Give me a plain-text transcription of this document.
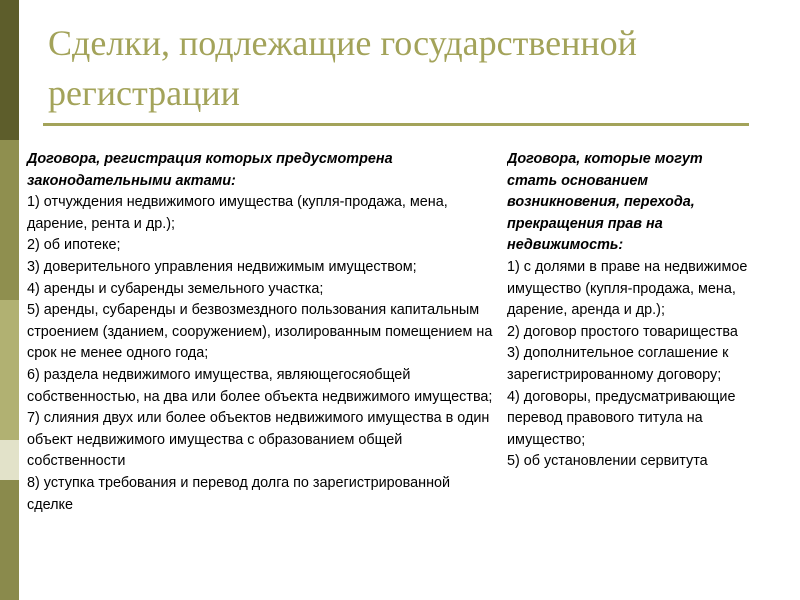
Сделки, подлежащие государственной регистрации
Договора, регистрация которых предусмотрена законодательными актами:
1) отчуждения недвижимого имущества (купля-продажа, мена, дарение, рента и др.);
2) об ипотеке;
3) доверительного управления недвижимым имуществом;
4) аренды и субаренды земельного участка;
5) аренды, субаренды и безвозмездного пользования капитальным строением (зданием, сооружением), изолированным помещением на срок не менее одного года;
6) раздела недвижимого имущества, являющегосяобщей собственностью, на два или более объекта недвижимого имущества;
7) слияния двух или более объектов недвижимого имущества в один объект недвижимого имущества с образованием общей собственности
8) уступка требования и перевод долга по зарегистрированной сделке
Договора, которые могут
стать основанием
возникновения, перехода,
прекращения прав на
недвижимость:
1) с долями в праве на недвижимое
имущество (купля-продажа, мена,
дарение, аренда и др.);
2) договор простого товарищества
3) дополнительное соглашение к
зарегистрированному договору;
4) договоры, предусматривающие
перевод правового титула на
имущество;
5) об установлении сервитута
